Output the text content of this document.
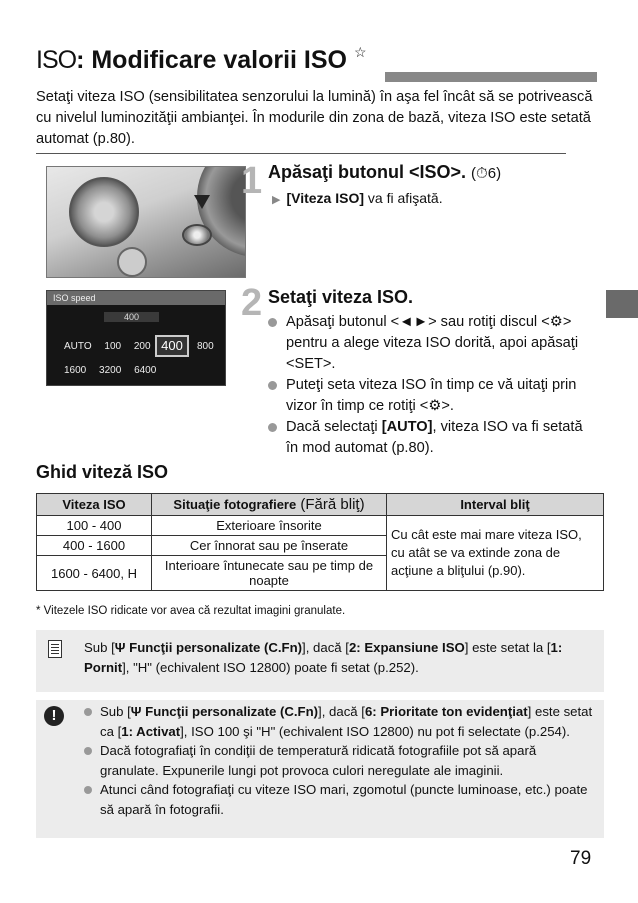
ISO: Modificare valorii ISO ☆

Setaţi viteza ISO (sensibilitatea senzorului la lumină) în aşa fel încât să se potrivească cu nivelul luminozităţii ambianţei. În modurile din zona de bază, viteza ISO este setată automat (p.80).

1 Apăsaţi butonul <ISO>. (⏱6)
▶ [Viteza ISO] va fi afişată.
ISO speed
400
AUTO 100 200 400	800
1600 3200 6400
2 Setaţi viteza ISO.
Apăsaţi butonul <◄►> sau rotiţi discul <⚙> pentru a alege viteza ISO dorită, apoi apăsaţi <SET>.
Puteţi seta viteza ISO în timp ce vă uitaţi prin vizor în timp ce rotiţi <⚙>.
Dacă selectaţi [AUTO], viteza ISO va fi setată în mod automat (p.80).
Ghid viteză ISO
Viteza ISO	Situaţie fotografiere (Fără bliţ)	Interval bliţ
100 - 400	Exterioare însorite	Cu cât este mai mare viteza ISO, cu atât se va extinde zona de acţiune a bliţului (p.90).
400 - 1600	Cer înnorat sau pe înserate	
1600 - 6400, H	Interioare întunecate sau pe timp de noapte	
* Vitezele ISO ridicate vor avea că rezultat imagini granulate.
Sub [Ψ Funcţii personalizate (C.Fn)], dacă [2: Expansiune ISO] este setat la [1: Pornit], "H" (echivalent ISO 12800) poate fi setat (p.252).
!	Sub [Ψ Funcţii personalizate (C.Fn)], dacă [6: Prioritate ton evidenţiat] este setat ca [1: Activat], ISO 100 şi "H" (echivalent ISO 12800) nu pot fi selectate (p.254).
Dacă fotografiaţi în condiţii de temperatură ridicată fotografiile pot să apară granulate. Expunerile lungi pot provoca culori neregulate ale imaginii.
Atunci când fotografiaţi cu viteze ISO mari, zgomotul (puncte luminoase, etc.) poate să apară în fotografii.
79
